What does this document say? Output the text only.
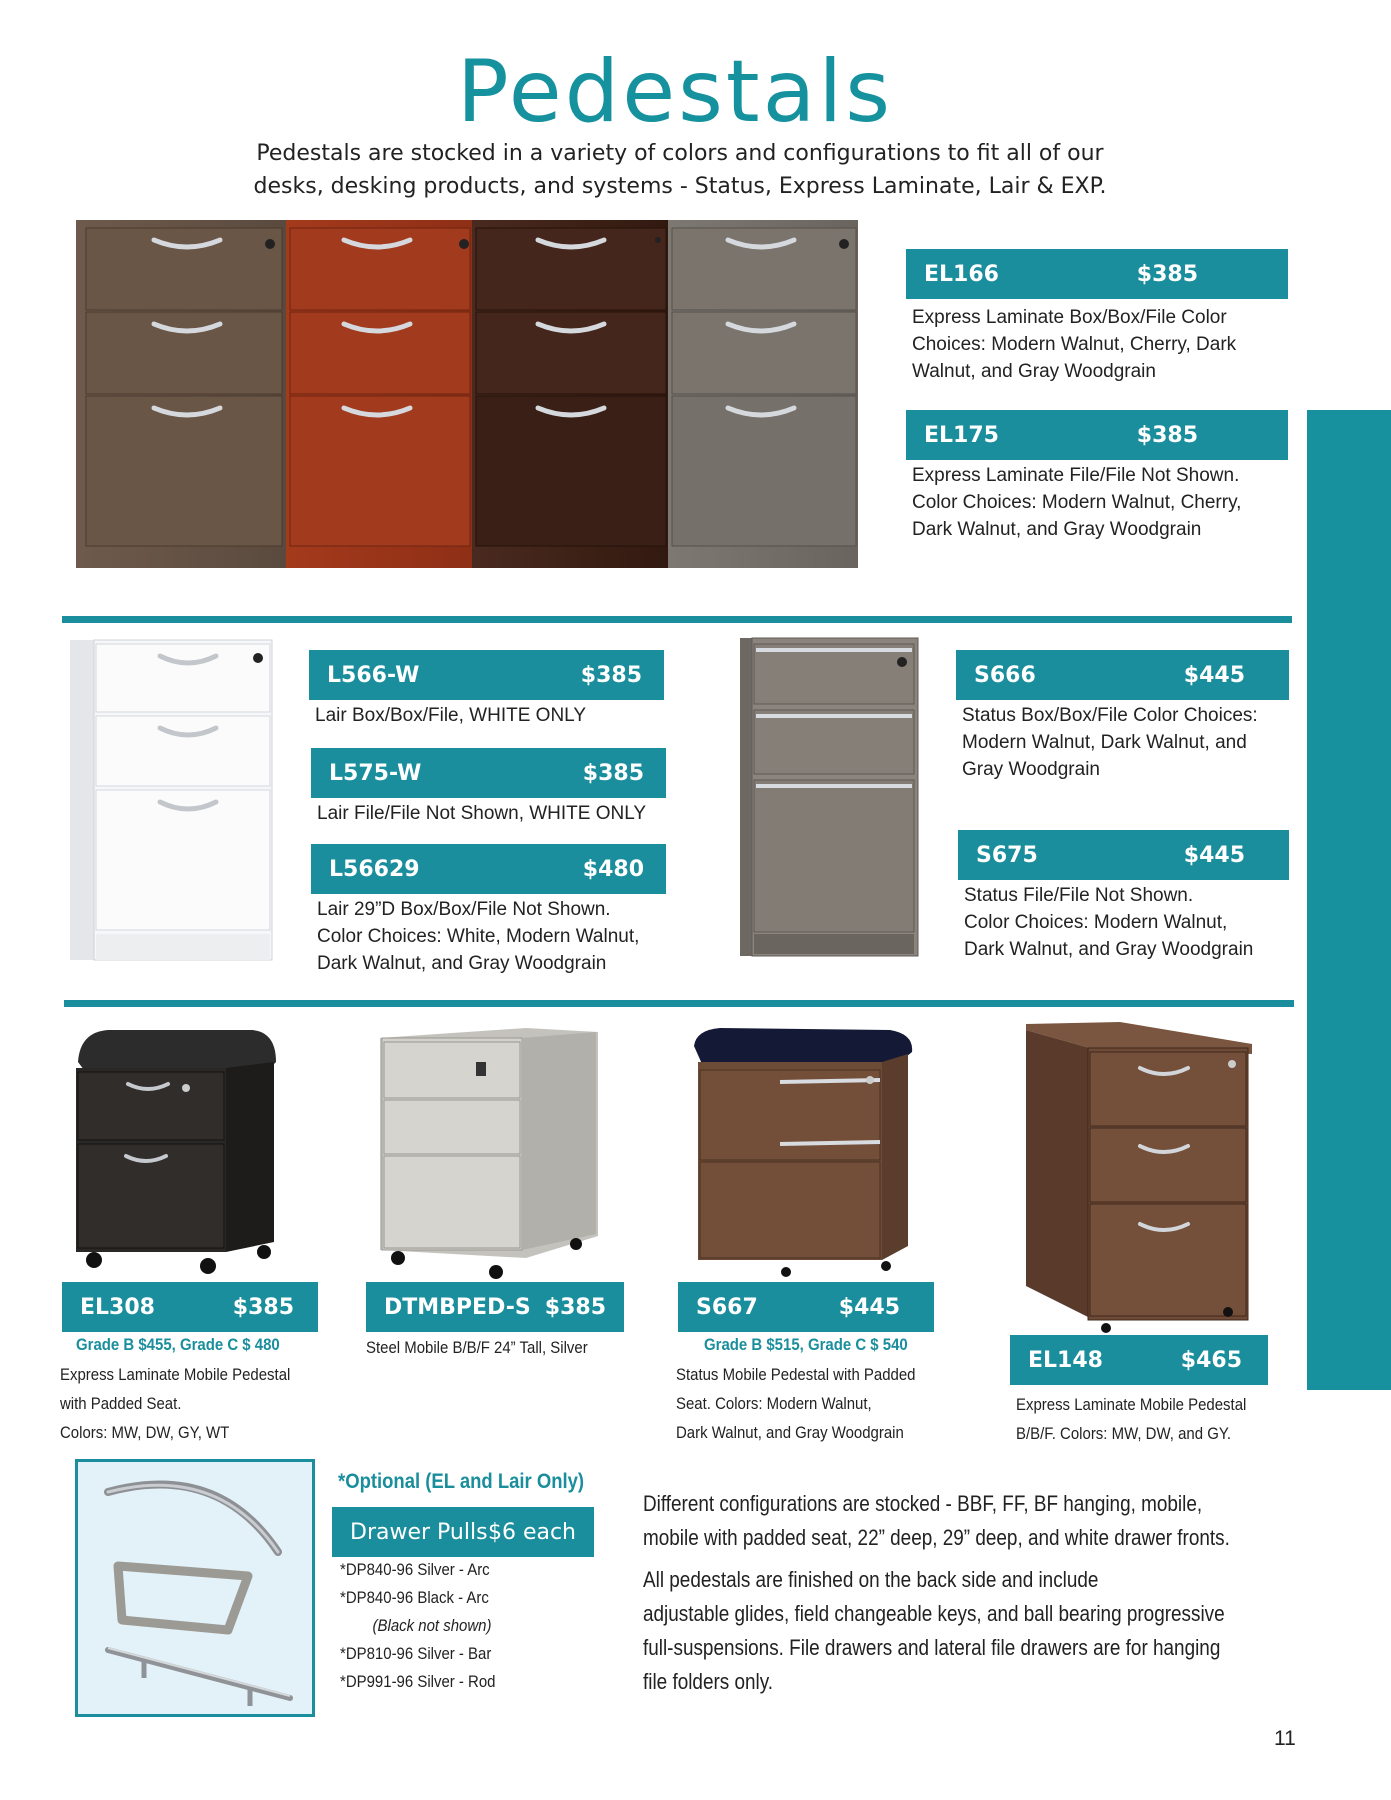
Pedestals
Pedestals are stocked in a variety of colors and configurations to fit all of our
desks, desking products, and systems - Status, Express Laminate, Lair & EXP.
EL166	$385
Express Laminate Box/Box/File Color
Choices: Modern Walnut, Cherry, Dark
Walnut, and Gray Woodgrain
EL175	$385
Express Laminate File/File Not Shown.
Color Choices: Modern Walnut, Cherry,
Dark Walnut, and Gray Woodgrain
L566-W	$385
Lair Box/Box/File, WHITE ONLY
L575-W	$385
Lair File/File Not Shown, WHITE ONLY
L56629	$480
Lair 29”D Box/Box/File Not Shown.
Color Choices: White, Modern Walnut,
Dark Walnut, and Gray Woodgrain
S666	$445
Status Box/Box/File Color Choices:
Modern Walnut, Dark Walnut, and
Gray Woodgrain
S675	$445
Status File/File Not Shown.
Color Choices: Modern Walnut,
Dark Walnut, and Gray Woodgrain
EL308	$385
Grade B $455, Grade C $ 480
Express Laminate Mobile Pedestal
with Padded Seat.
Colors: MW, DW, GY, WT
DTMBPED-S $385
Steel Mobile B/B/F 24” Tall, Silver
S667	$445
Grade B $515, Grade C $ 540
Status Mobile Pedestal with Padded
Seat. Colors: Modern Walnut,
Dark Walnut, and Gray Woodgrain
EL148	$465
Express Laminate Mobile Pedestal
B/B/F. Colors: MW, DW, and GY.
*Optional (EL and Lair Only)
Drawer Pulls $6 each
*DP840-96 Silver - Arc
*DP840-96 Black - Arc
(Black not shown)
*DP810-96 Silver - Bar
*DP991-96 Silver - Rod
Different configurations are stocked - BBF, FF, BF hanging, mobile,
mobile with padded seat, 22” deep, 29” deep, and white drawer fronts.
All pedestals are finished on the back side and include
adjustable glides, field changeable keys, and ball bearing progressive
full-suspensions. File drawers and lateral file drawers are for hanging
file folders only.
11
